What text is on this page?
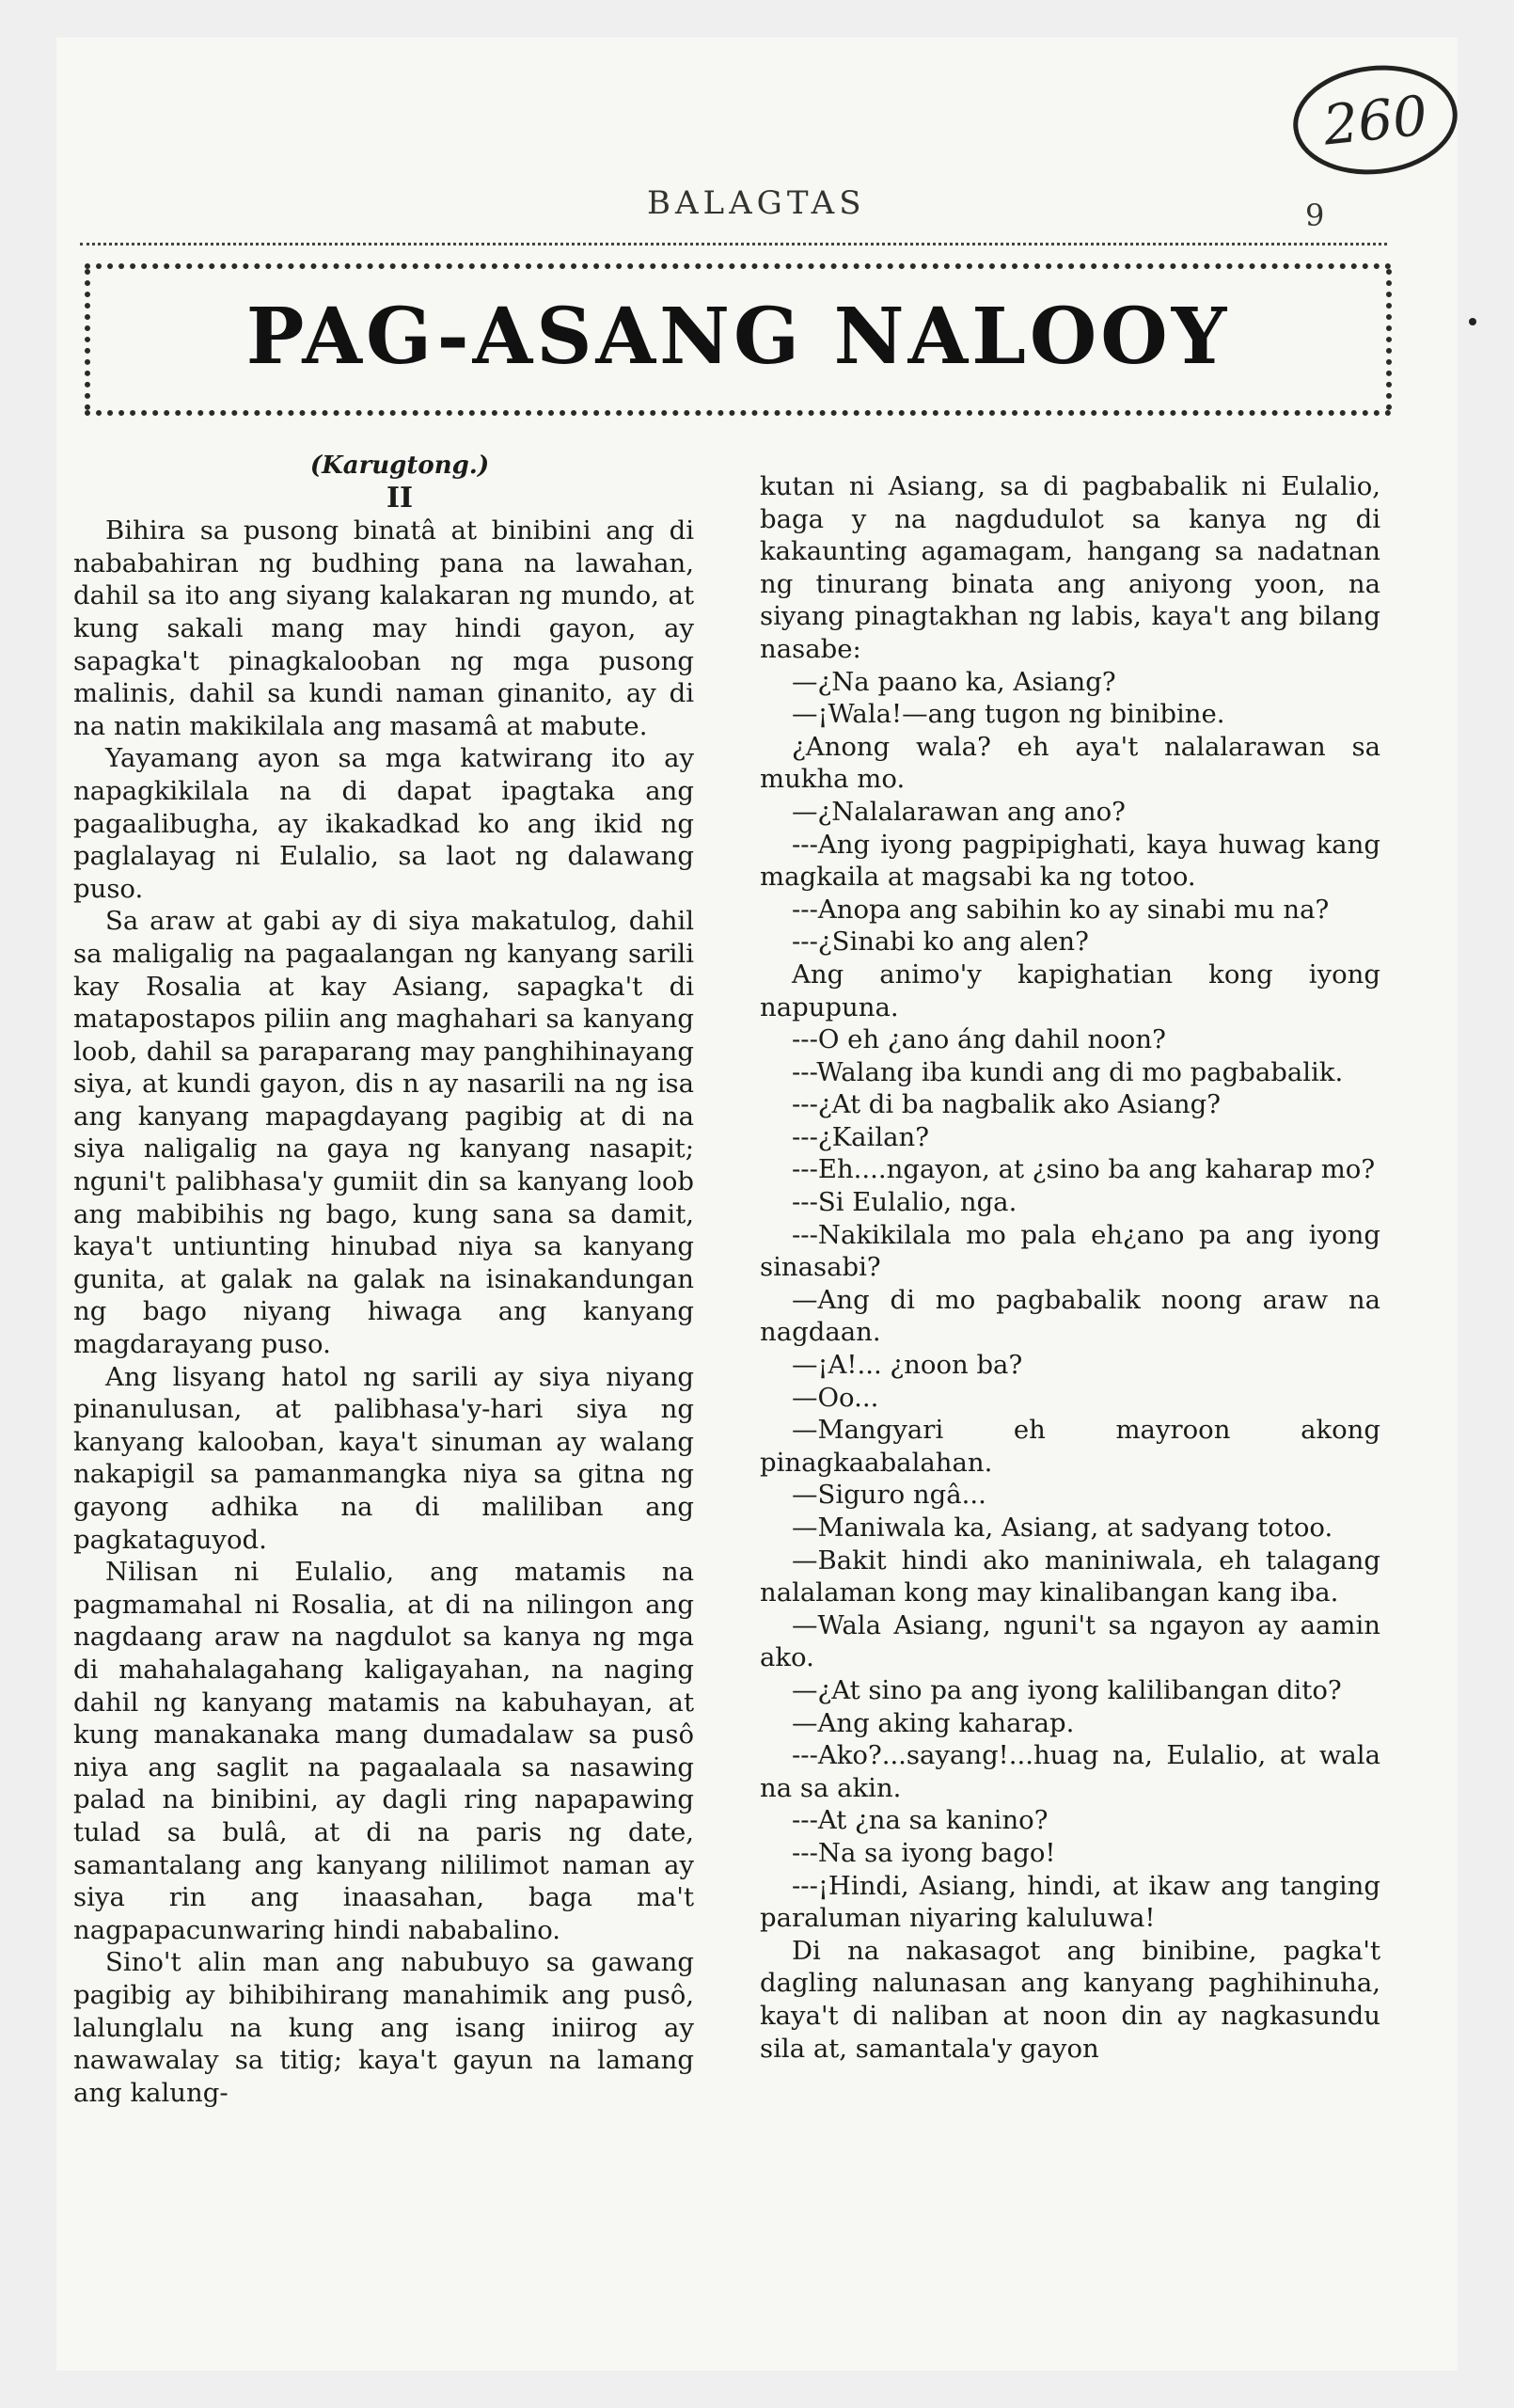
260
BALAGTAS	9
PAG-ASANG NALOOY

(Karugtong.)

II

Bihira sa pusong binatâ at binibini ang di nababahiran ng budhing pana na lawahan, dahil sa ito ang siyang kalakaran ng mundo, at kung sakali mang may hindi gayon, ay sapagka't pinagkalooban ng mga pusong malinis, dahil sa kundi naman ginanito, ay di na natin makikilala ang masamâ at mabute.

Yayamang ayon sa mga katwirang ito ay napagkikilala na di dapat ipagtaka ang pagaalibugha, ay ikakadkad ko ang ikid ng paglalayag ni Eulalio, sa laot ng dalawang puso.

Sa araw at gabi ay di siya makatulog, dahil sa maligalig na pagaalangan ng kanyang sarili kay Rosalia at kay Asiang, sapagka't di matapostapos piliin ang maghahari sa kanyang loob, dahil sa paraparang may panghihinayang siya, at kundi gayon, dis n ay nasarili na ng isa ang kanyang mapagdayang pagibig at di na siya naligalig na gaya ng kanyang nasapit; nguni't palibhasa'y gumiit din sa kanyang loob ang mabibihis ng bago, kung sana sa damit, kaya't untiunting hinubad niya sa kanyang gunita, at galak na galak na isinakandungan ng bago niyang hiwaga ang kanyang magdarayang puso.

Ang lisyang hatol ng sarili ay siya niyang pinanulusan, at palibhasa'y-hari siya ng kanyang kalooban, kaya't sinuman ay walang nakapigil sa pamanmangka niya sa gitna ng gayong adhika na di maliliban ang pagkataguyod.

Nilisan ni Eulalio, ang matamis na pagmamahal ni Rosalia, at di na nilingon ang nagdaang araw na nagdulot sa kanya ng mga di mahahalagahang kaligayahan, na naging dahil ng kanyang matamis na kabuhayan, at kung manakanaka mang dumadalaw sa pusô niya ang saglit na pagaalaala sa nasawing palad na binibini, ay dagli ring napapawing tulad sa bulâ, at di na paris ng date, samantalang ang kanyang nililimot naman ay siya rin ang inaasahan, baga ma't nagpapacunwaring hindi nababalino.

Sino't alin man ang nabubuyo sa gawang pagibig ay bihibihirang manahimik ang pusô, lalunglalu na kung ang isang iniirog ay nawawalay sa titig; kaya't gayun na lamang ang kalung-

kutan ni Asiang, sa di pagbabalik ni Eulalio, baga y na nagdudulot sa kanya ng di kakaunting agamagam, hangang sa nadatnan ng tinurang binata ang aniyong yoon, na siyang pinagtakhan ng labis, kaya't ang bilang nasabe:

—¿Na paano ka, Asiang?

—¡Wala!—ang tugon ng binibine.

¿Anong wala? eh aya't nalalarawan sa mukha mo.

—¿Nalalarawan ang ano?

---Ang iyong pagpipighati, kaya huwag kang magkaila at magsabi ka ng totoo.

---Anopa ang sabihin ko ay sinabi mu na?

---¿Sinabi ko ang alen?

Ang animo'y kapighatian kong iyong napupuna.

---O eh ¿ano áng dahil noon?

---Walang iba kundi ang di mo pagbabalik.

---¿At di ba nagbalik ako Asiang?

---¿Kailan?

---Eh....ngayon, at ¿sino ba ang kaharap mo?

---Si Eulalio, nga.

---Nakikilala mo pala eh¿ano pa ang iyong sinasabi?

—Ang di mo pagbabalik noong araw na nagdaan.

—¡A!... ¿noon ba?

—Oo...

—Mangyari eh mayroon akong pinagkaabalahan.

—Siguro ngâ...

—Maniwala ka, Asiang, at sadyang totoo.

—Bakit hindi ako maniniwala, eh talagang nalalaman kong may kinalibangan kang iba.

—Wala Asiang, nguni't sa ngayon ay aamin ako.

—¿At sino pa ang iyong kalilibangan dito?

—Ang aking kaharap.

---Ako?...sayang!...huag na, Eulalio, at wala na sa akin.

---At ¿na sa kanino?

---Na sa iyong bago!

---¡Hindi, Asiang, hindi, at ikaw ang tanging paraluman niyaring kaluluwa!

Di na nakasagot ang binibine, pagka't dagling nalunasan ang kanyang paghihinuha, kaya't di naliban at noon din ay nagkasundu sila at, samantala'y gayon
